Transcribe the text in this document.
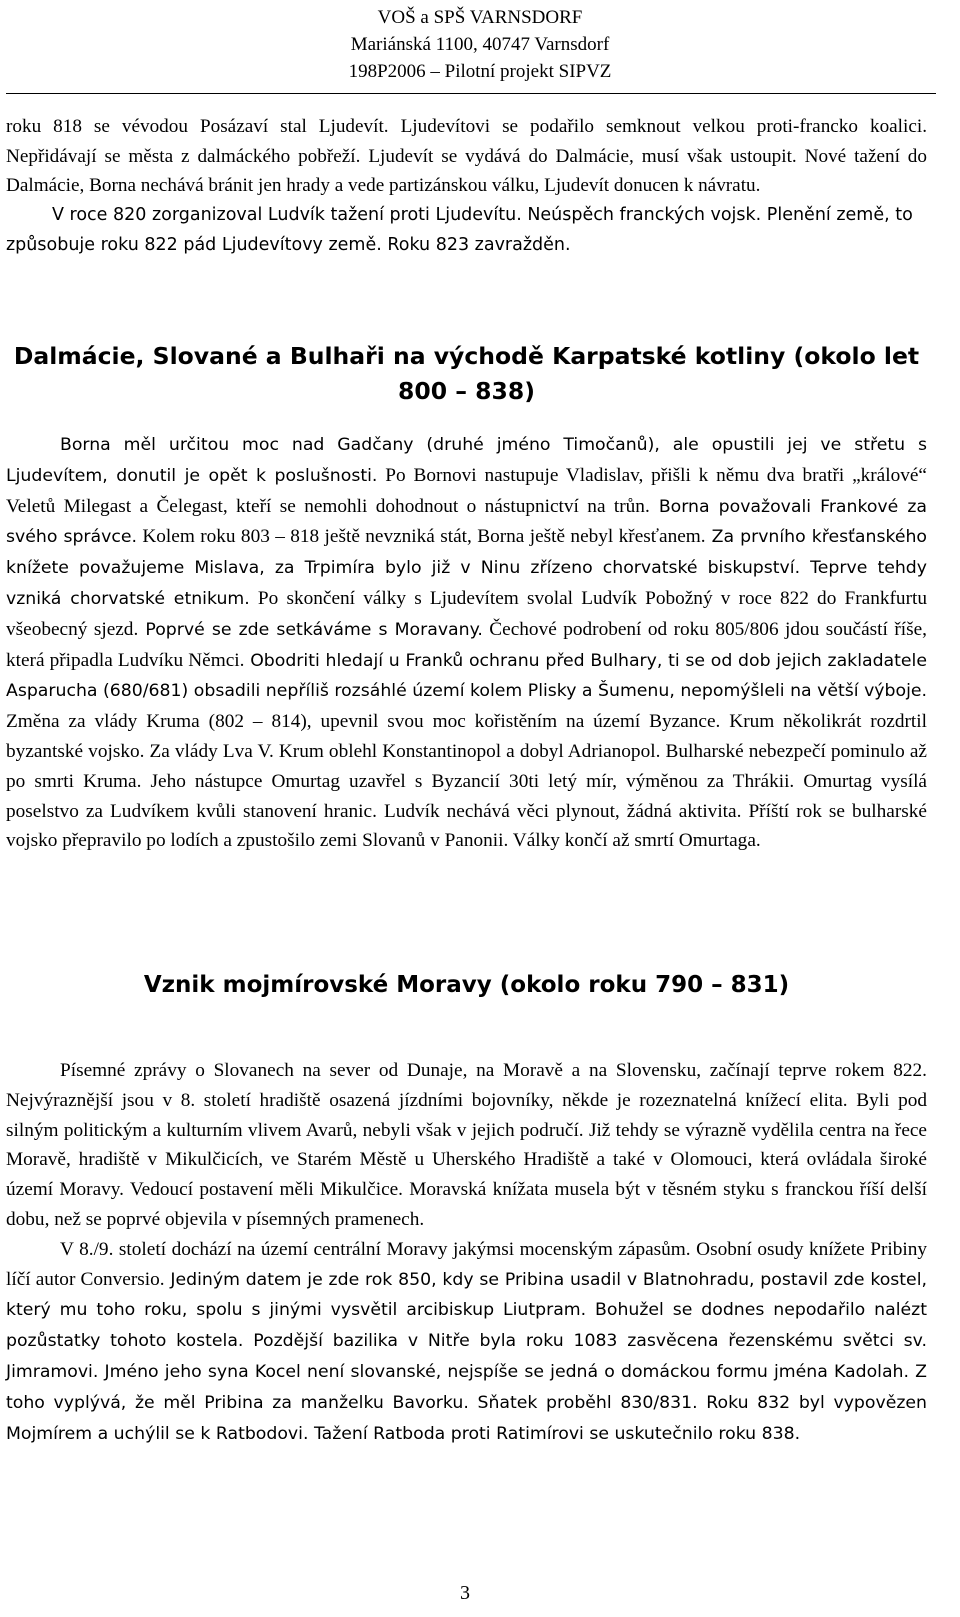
VOŠ a SPŠ VARNSDORF
Mariánská 1100, 40747 Varnsdorf
198P2006 – Pilotní projekt SIPVZ

roku 818 se vévodou Posázaví stal Ljudevít. Ljudevítovi se podařilo semknout velkou proti-francko koalici. Nepřidávají se města z dalmáckého pobřeží. Ljudevít se vydává do Dalmácie, musí však ustoupit. Nové tažení do Dalmácie, Borna nechává bránit jen hrady a vede partizánskou válku, Ljudevít donucen k návratu.

V roce 820 zorganizoval Ludvík tažení proti Ljudevítu. Neúspěch franckých vojsk. Plenění země, to způsobuje roku 822 pád Ljudevítovy země. Roku 823 zavražděn.

Dalmácie, Slované a Bulhaři na východě Karpatské kotliny (okolo let 800 – 838)

Borna měl určitou moc nad Gadčany (druhé jméno Timočanů), ale opustili jej ve střetu s Ljudevítem, donutil je opět k poslušnosti. Po Bornovi nastupuje Vladislav, přišli k němu dva bratři „králové“ Veletů Milegast a Čelegast, kteří se nemohli dohodnout o nástupnictví na trůn. Borna považovali Frankové za svého správce. Kolem roku 803 – 818 ještě nevzniká stát, Borna ještě nebyl křesťanem. Za prvního křesťanského knížete považujeme Mislava, za Trpimíra bylo již v Ninu zřízeno chorvatské biskupství. Teprve tehdy vzniká chorvatské etnikum. Po skončení války s Ljudevítem svolal Ludvík Pobožný v roce 822 do Frankfurtu všeobecný sjezd. Poprvé se zde setkáváme s Moravany. Čechové podrobení od roku 805/806 jdou součástí říše, která připadla Ludvíku Němci. Obodriti hledají u Franků ochranu před Bulhary, ti se od dob jejich zakladatele Asparucha (680/681) obsadili nepříliš rozsáhlé území kolem Plisky a Šumenu, nepomýšleli na větší výboje. Změna za vlády Kruma (802 – 814), upevnil svou moc kořistěním na území Byzance. Krum několikrát rozdrtil byzantské vojsko. Za vlády Lva V. Krum oblehl Konstantinopol a dobyl Adrianopol. Bulharské nebezpečí pominulo až po smrti Kruma. Jeho nástupce Omurtag uzavřel s Byzancií 30ti letý mír, výměnou za Thrákii. Omurtag vysílá poselstvo za Ludvíkem kvůli stanovení hranic. Ludvík nechává věci plynout, žádná aktivita. Příští rok se bulharské vojsko přepravilo po lodích a zpustošilo zemi Slovanů v Panonii. Války končí až smrtí Omurtaga.

Vznik mojmírovské Moravy (okolo roku 790 – 831)

Písemné zprávy o Slovanech na sever od Dunaje, na Moravě a na Slovensku, začínají teprve rokem 822. Nejvýraznější jsou v 8. století hradiště osazená jízdními bojovníky, někde je rozeznatelná knížecí elita. Byli pod silným politickým a kulturním vlivem Avarů, nebyli však v jejich područí. Již tehdy se výrazně vydělila centra na řece Moravě, hradiště v Mikulčicích, ve Starém Městě u Uherského Hradiště a také v Olomouci, která ovládala široké území Moravy. Vedoucí postavení měli Mikulčice. Moravská knížata musela být v těsném styku s franckou říší delší dobu, než se poprvé objevila v písemných pramenech.

V 8./9. století dochází na území centrální Moravy jakýmsi mocenským zápasům. Osobní osudy knížete Pribiny líčí autor Conversio. Jediným datem je zde rok 850, kdy se Pribina usadil v Blatnohradu, postavil zde kostel, který mu toho roku, spolu s jinými vysvětil arcibiskup Liutpram. Bohužel se dodnes nepodařilo nalézt pozůstatky tohoto kostela. Pozdější bazilika v Nitře byla roku 1083 zasvěcena řezenskému světci sv. Jimramovi. Jméno jeho syna Kocel není slovanské, nejspíše se jedná o domáckou formu jména Kadolah. Z toho vyplývá, že měl Pribina za manželku Bavorku. Sňatek proběhl 830/831. Roku 832 byl vypovězen Mojmírem a uchýlil se k Ratbodovi. Tažení Ratboda proti Ratimírovi se uskutečnilo roku 838.

3
